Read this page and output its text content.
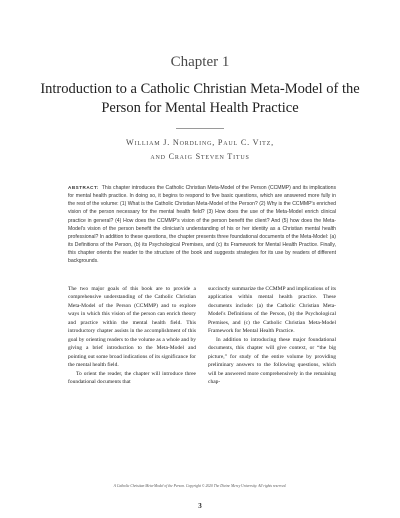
Chapter 1
Introduction to a Catholic Christian Meta-Model of the Person for Mental Health Practice
William J. Nordling, Paul C. Vitz,
and Craig Steven Titus
ABSTRACT: This chapter introduces the Catholic Christian Meta-Model of the Person (CCMMP) and its implications for mental health practice. In doing so, it begins to respond to five basic questions, which are answered more fully in the rest of the volume: (1) What is the Catholic Christian Meta-Model of the Person? (2) Why is the CCMMP's enriched vision of the person necessary for the mental health field? (3) How does the use of the Meta-Model enrich clinical practice in general? (4) How does the CCMMP's vision of the person benefit the client? And (5) how does the Meta-Model's vision of the person benefit the clinician's understanding of his or her identity as a Christian mental health professional? In addition to these questions, the chapter presents three foundational documents of the Meta-Model: (a) its Definitions of the Person, (b) its Psychological Premises, and (c) its Framework for Mental Health Practice. Finally, this chapter orients the reader to the structure of the book and suggests strategies for its use by readers of different backgrounds.

The two major goals of this book are to provide a comprehensive understanding of the Catholic Christian Meta-Model of the Person (CCMMP) and to explore ways in which this vision of the person can enrich theory and practice within the mental health field. This introductory chapter assists in the accomplishment of this goal by orienting readers to the volume as a whole and by giving a brief introduction to the Meta-Model and pointing out some broad indications of its significance for the mental health field.

To orient the reader, the chapter will introduce three foundational documents that

succinctly summarize the CCMMP and implications of its application within mental health practice. These documents include: (a) the Catholic Christian Meta-Model's Definitions of the Person, (b) the Psychological Premises, and (c) the Catholic Christian Meta-Model Framework for Mental Health Practice.

In addition to introducing these major foundational documents, this chapter will give context, or “the big picture,” for study of the entire volume by providing preliminary answers to the following questions, which will be answered more comprehensively in the remaining chap-

A Catholic Christian Meta-Model of the Person. Copyright © 2020 The Divine Mercy University. All rights reserved.
3
